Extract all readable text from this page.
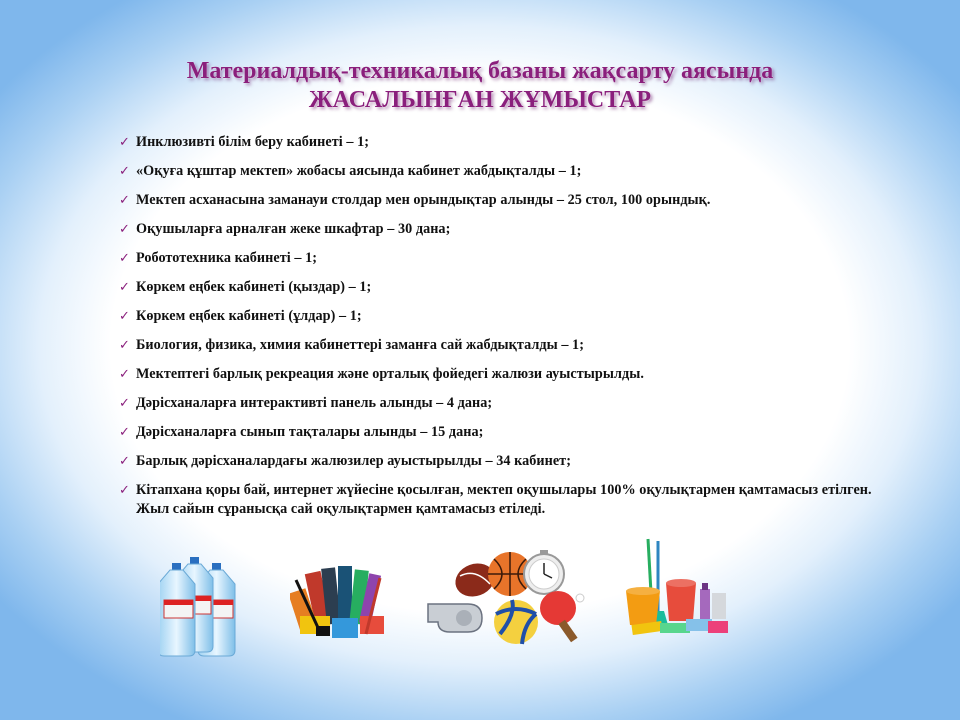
Материалдық-техникалық базаны жақсарту аясында
ЖАСАЛЫНҒАН ЖҰМЫСТАР
✓ Инклюзивті білім беру кабинеті – 1;
✓ «Оқуға құштар мектеп» жобасы аясында кабинет жабдықталды – 1;
✓ Мектеп асханасына заманауи столдар мен орындықтар алынды – 25 стол, 100 орындық.
✓ Оқушыларға арналған жеке шкафтар – 30 дана;
✓ Робототехника кабинеті – 1;
✓ Көркем еңбек кабинеті (қыздар) – 1;
✓ Көркем еңбек кабинеті (ұлдар) – 1;
✓ Биология, физика, химия кабинеттері заманға сай жабдықталды – 1;
✓ Мектептегі барлық рекреация және орталық фойедегі жалюзи ауыстырылды.
✓ Дәрісханаларға интерактивті панель алынды – 4 дана;
✓ Дәрісханаларға сынып тақталары алынды – 15 дана;
✓ Барлық дәрісханалардағы жалюзилер ауыстырылды – 34 кабинет;
✓ Кітапхана қоры бай, интернет жүйесіне қосылған, мектеп оқушылары 100% оқулықтармен қамтамасыз етілген. Жыл сайын сұранысқа сай оқулықтармен қамтамасыз етіледі.
